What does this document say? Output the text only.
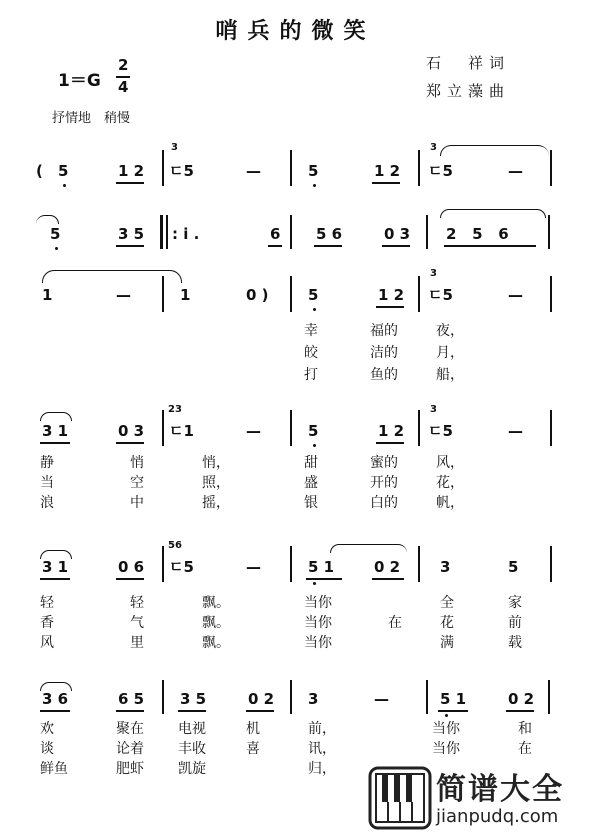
哨兵的微笑
石　祥词
郑立藻曲
1＝G
2
4
抒情地　稍慢
( 5	1 2
3
ㄷ5	—	5	1 2
3
ㄷ5	—
5	3 5 : i .	6 5 6	0 3 2   5   6
1	—	1	0 )	5	1 2
3
ㄷ5	—
幸	福的	夜，
皎	洁的	月，
打	鱼的	船，
3 1	0 3
23
ㄷ1	—	5	1 2
3
ㄷ5	—
静	悄	悄，
当	空	照，
浪	中	摇，
甜	蜜的	风，
盛	开的	花，
银	白的	帆，
3 1	0 6
56
ㄷ5	—	5 1	0 2	3	5
轻	轻	飘。
香	气	飘。
风	里	飘。
当你	全	家
当你	在	花	前
当你	满	载
3 6	6 5 3 5	0 2 3	—	5 1	0 2
欢	聚在 电视	机	前，	当你	和
谈	论着 丰收	喜	讯，	当你	在
鲜鱼	肥虾 凯旋	归，
简谱大全
jianpudq.com
